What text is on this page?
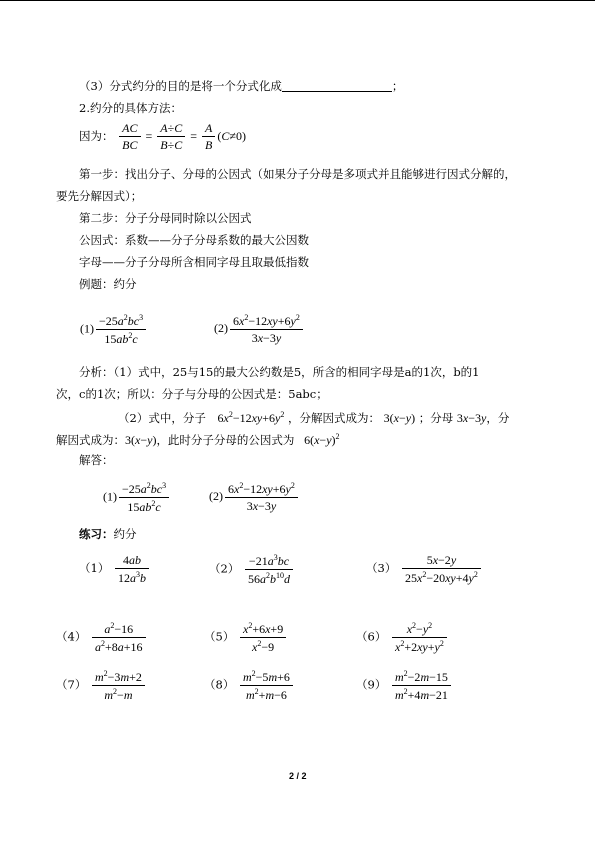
（3）分式约分的目的是将一个分式化成	；
2.约分的具体方法：
因为： $\frac{AC}{BC} = \frac{A\div C}{B\div C} = \frac{A}{B} (C\ne 0)$
第一步：找出分子、分母的公因式（如果分子分母是多项式并且能够进行因式分解的，
要先分解因式）；
第二步：分子分母同时除以公因式
公因式：系数——分子分母系数的最大公因数
字母——分子分母所含相同字母且取最低指数
例题：约分
$(1) \frac{-25a^2bc^3}{15ab^2c}$	$(2) \frac{6x^2-12xy+6y^2}{3x-3y}$
分析：（1）式中，25与15的最大公约数是5，所含的相同字母是a的1次，b的1
次，c的1次；所以：分子与分母的公因式是：5abc；
（2）式中，分子 $6x^2-12xy+6y^2$ ，分解因式成为： 3(x−y) ；分母 3x−3y，分
解因式成为：3(x−y)，此时分子分母的公因式为 $6(x-y)^2$
解答：
$(1) \frac{-25a^2bc^3}{15ab^2c}$	$(2) \frac{6x^2-12xy+6y^2}{3x-3y}$
练习：约分
$(1) \frac{4ab}{12a^3b}$	$(2) \frac{-21a^3bc}{56a^2b^{10}d}$	$(3) \frac{5x-2y}{25x^2-20xy+4y^2}$
$(4) \frac{a^2-16}{a^2+8a+16}$	$(5) \frac{x^2+6x+9}{x^2-9}$	$(6) \frac{x^2-y^2}{x^2+2xy+y^2}$
$(7) \frac{m^2-3m+2}{m^2-m}$	$(8) \frac{m^2-5m+6}{m^2+m-6}$	$(9) \frac{m^2-2m-15}{m^2+4m-21}$
2 / 2
